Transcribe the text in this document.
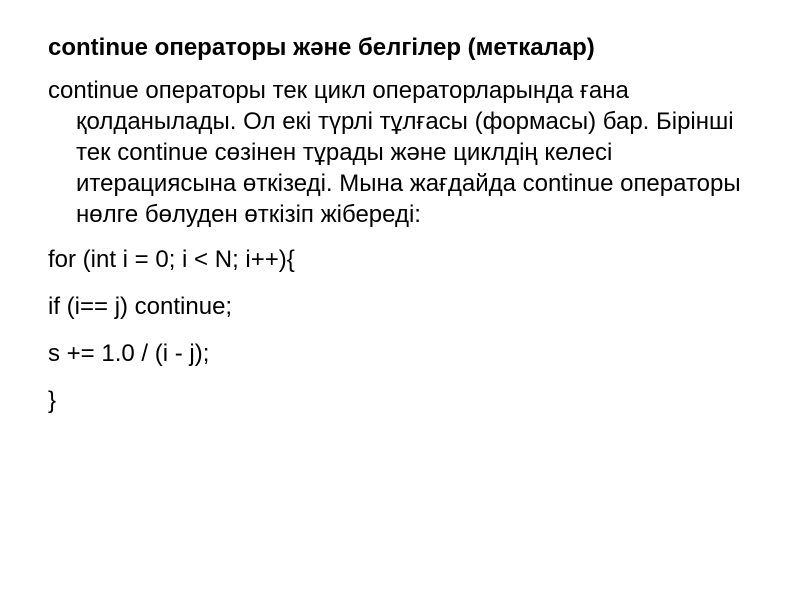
continue операторы және белгілер (меткалар)

continue операторы тек цикл операторларында ғана қолданылады. Ол екі түрлі тұлғасы (формасы) бар. Бірінші тек continue сөзінен тұрады және циклдің келесі итерациясына өткізеді. Мына жағдайда continue операторы нөлге бөлуден өткізіп жібереді:

for (int i = 0; i < N; i++){

if (i== j) continue;

s += 1.0 / (i - j);

}
